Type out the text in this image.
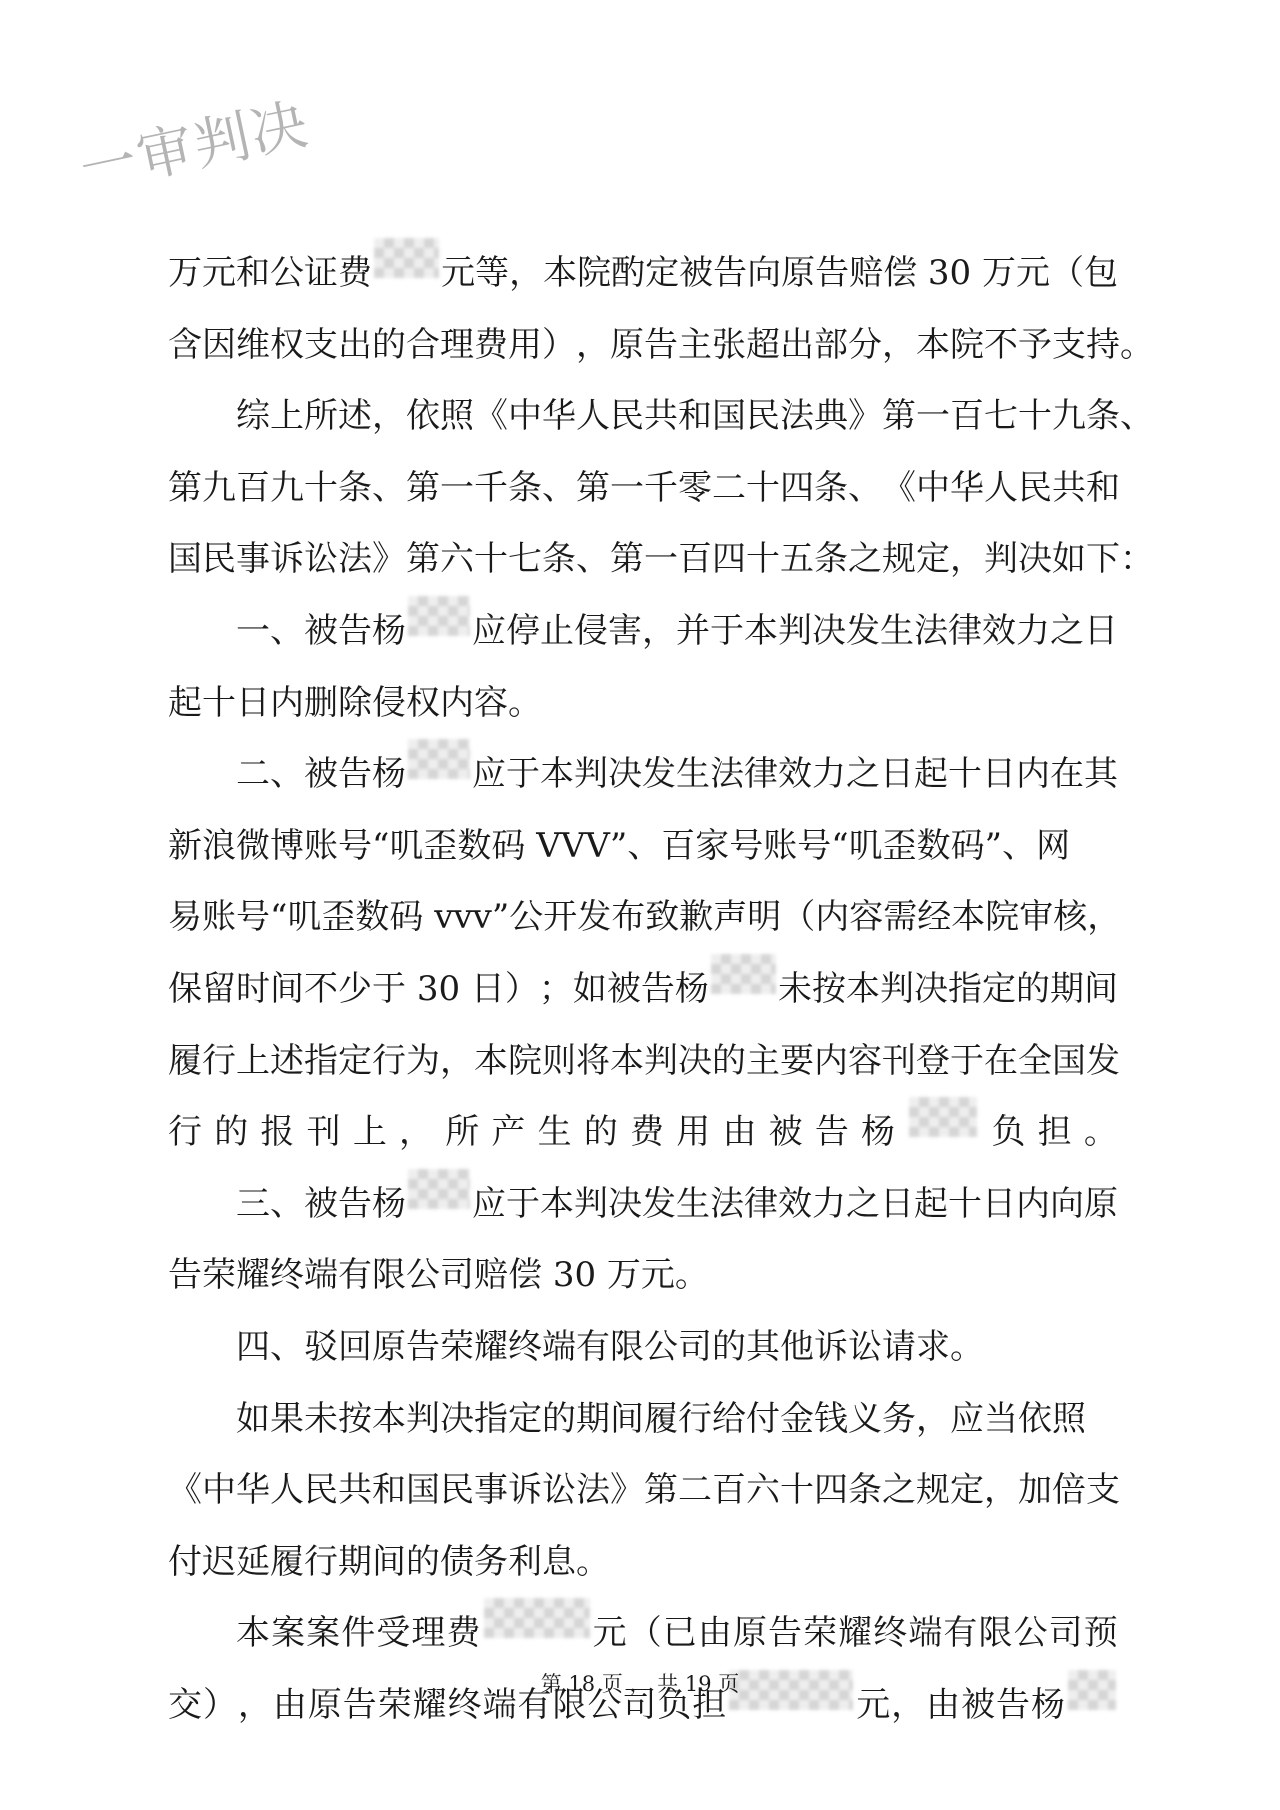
一审判决
万 元 和 公 证 费 元 等 ， 本 院 酌 定 被 告 向 原 告 赔 偿
3 0
万 元 （ 包
含 因 维 权 支 出 的 合 理 费 用 ） ， 原 告 主 张 超 出 部 分 ， 本 院 不 予 支 持 。
综 上 所 述 ， 依 照 《 中 华 人 民 共 和 国 民 法 典 》 第 一 百 七 十 九 条 、
第 九 百 九 十 条 、 第 一 千 条 、 第 一 千 零 二 十 四 条 、 《 中 华 人 民 共 和
国 民 事 诉 讼 法 》 第 六 十 七 条 、 第 一 百 四 十 五 条 之 规 定 ， 判 决 如 下 ：
一 、 被 告 杨 应 停 止 侵 害 ， 并 于 本 判 决 发 生 法 律 效 力 之 日
起 十 日 内 删 除 侵 权 内 容 。
二 、 被 告 杨 应 于 本 判 决 发 生 法 律 效 力 之 日 起 十 日 内 在 其
新 浪 微 博 账 号 “ 叽 歪 数 码
V V V ” 、 百 家 号 账 号 “ 叽 歪 数 码 ” 、 网
易 账 号 “ 叽 歪 数 码
v v v ” 公 开 发 布 致 歉 声 明 （ 内 容 需 经 本 院 审 核 ，
保 留 时 间 不 少 于
3 0
日 ） ； 如 被 告 杨 未 按 本 判 决 指 定 的 期 间
履 行 上 述 指 定 行 为 ， 本 院 则 将 本 判 决 的 主 要 内 容 刊 登 于 在 全 国 发
行 的 报 刊 上 ， 所 产 生 的 费 用 由 被 告 杨	负 担 。
三 、 被 告 杨 应 于 本 判 决 发 生 法 律 效 力 之 日 起 十 日 内 向 原
告 荣 耀 终 端 有 限 公 司 赔 偿
3 0
万 元 。
四 、 驳 回 原 告 荣 耀 终 端 有 限 公 司 的 其 他 诉 讼 请 求 。
如 果 未 按 本 判 决 指 定 的 期 间 履 行 给 付 金 钱 义 务 ， 应 当 依 照
《 中 华 人 民 共 和 国 民 事 诉 讼 法 》 第 二 百 六 十 四 条 之 规 定 ， 加 倍 支
付 迟 延 履 行 期 间 的 债 务 利 息 。
本 案 案 件 受 理 费	元 （ 已 由 原 告 荣 耀 终 端 有 限 公 司 预
交 ） ， 由 原 告 荣 耀 终 端 有 限 公 司 负 担	元 ， 由 被 告 杨
第 18 页 ， 共 19 页
